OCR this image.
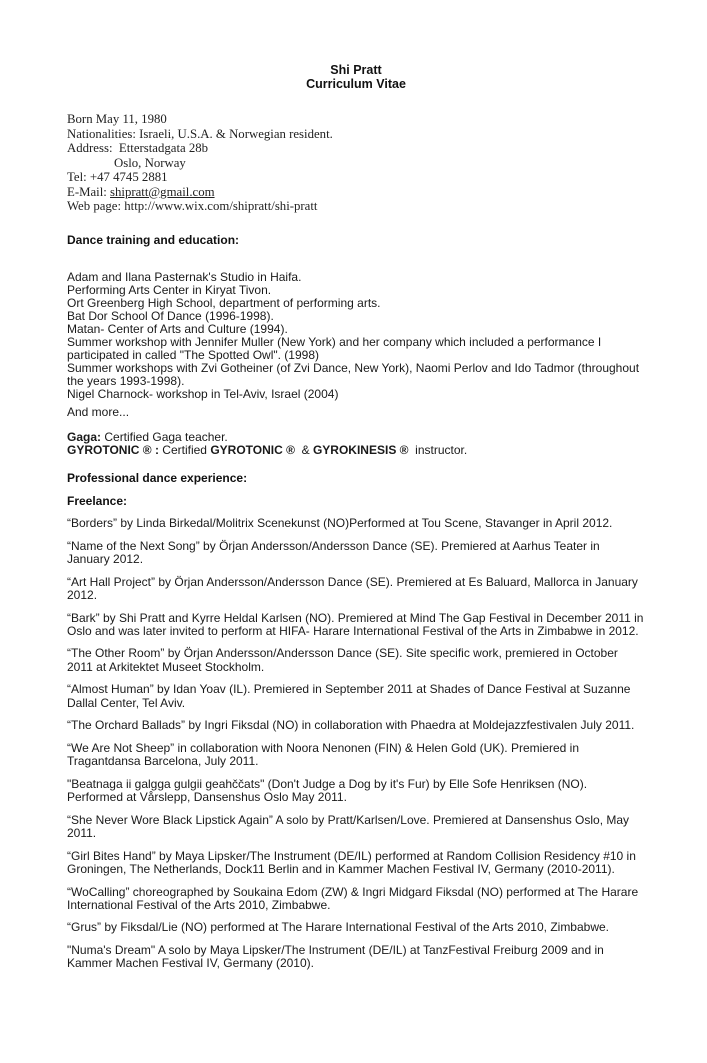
Shi Pratt
Curriculum Vitae
Born May 11, 1980
Nationalities: Israeli, U.S.A. & Norwegian resident.
Address:  Etterstadgata 28b
Oslo, Norway
Tel: +47 4745 2881
E-Mail: shipratt@gmail.com
Web page: http://www.wix.com/shipratt/shi-pratt
Dance training and education:
Adam and Ilana Pasternak's Studio in Haifa.
Performing Arts Center in Kiryat Tivon.
Ort Greenberg High School, department of performing arts.
Bat Dor School Of Dance (1996-1998).
Matan- Center of Arts and Culture (1994).
Summer workshop with Jennifer Muller (New York) and her company which included a performance I participated in called "The Spotted Owl". (1998)
Summer workshops with Zvi Gotheiner (of Zvi Dance, New York), Naomi Perlov and Ido Tadmor (throughout the years 1993-1998).
Nigel Charnock- workshop in Tel-Aviv, Israel (2004)
And more...
Gaga: Certified Gaga teacher.
GYROTONIC ® : Certified GYROTONIC ®  & GYROKINESIS ®  instructor.
Professional dance experience:
Freelance:

“Borders” by Linda Birkedal/Molitrix Scenekunst (NO)Performed at Tou Scene, Stavanger in April 2012.

“Name of the Next Song” by Örjan Andersson/Andersson Dance (SE). Premiered at Aarhus Teater in January 2012.

“Art Hall Project” by Örjan Andersson/Andersson Dance (SE). Premiered at Es Baluard, Mallorca in January 2012.

“Bark” by Shi Pratt and Kyrre Heldal Karlsen (NO). Premiered at Mind The Gap Festival in December 2011 in Oslo and was later invited to perform at HIFA- Harare International Festival of the Arts in Zimbabwe in 2012.

“The Other Room” by Örjan Andersson/Andersson Dance (SE). Site specific work, premiered in October 2011 at Arkitektet Museet Stockholm.

“Almost Human” by Idan Yoav (IL). Premiered in September 2011 at Shades of Dance Festival at Suzanne Dallal Center, Tel Aviv.

“The Orchard Ballads” by Ingri Fiksdal (NO) in collaboration with Phaedra at Moldejazzfestivalen July 2011.

“We Are Not Sheep” in collaboration with Noora Nenonen (FIN) & Helen Gold (UK). Premiered in Tragantdansa Barcelona, July 2011.

"Beatnaga ii galgga gulgii geahččats" (Don't Judge a Dog by it's Fur) by Elle Sofe Henriksen (NO). Performed at Vårslepp, Dansenshus Oslo May 2011.

“She Never Wore Black Lipstick Again” A solo by Pratt/Karlsen/Love. Premiered at Dansenshus Oslo, May 2011.

“Girl Bites Hand” by Maya Lipsker/The Instrument (DE/IL) performed at Random Collision Residency #10 in Groningen, The Netherlands, Dock11 Berlin and in Kammer Machen Festival IV, Germany (2010-2011).

“WoCalling” choreographed by Soukaina Edom (ZW) & Ingri Midgard Fiksdal (NO) performed at The Harare International Festival of the Arts 2010, Zimbabwe.

“Grus” by Fiksdal/Lie (NO) performed at The Harare International Festival of the Arts 2010, Zimbabwe.

"Numa's Dream" A solo by Maya Lipsker/The Instrument (DE/IL) at TanzFestival Freiburg 2009 and in Kammer Machen Festival IV, Germany (2010).
